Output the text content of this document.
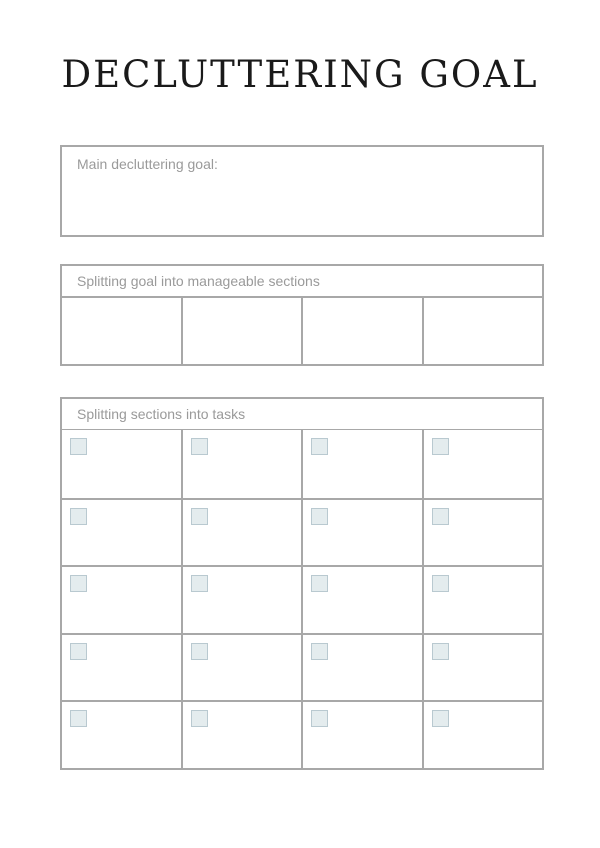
DECLUTTERING GOAL
Main decluttering goal:
Splitting goal into manageable sections
Splitting sections into tasks
